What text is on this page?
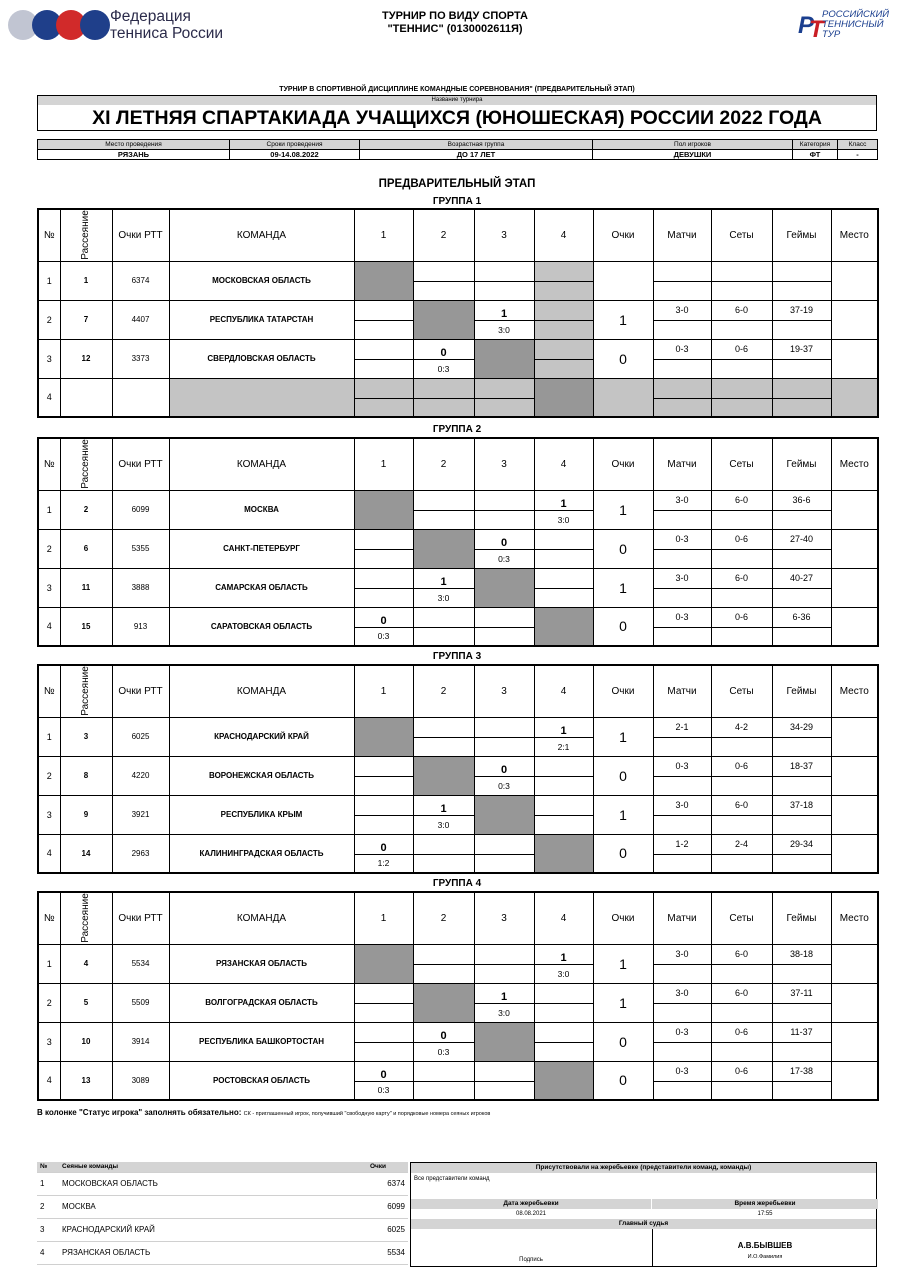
Федерация
тенниса России
ТУРНИР ПО ВИДУ СПОРТА
"ТЕННИС" (0130002611Я)	Р
Т
РОССИЙСКИЙ
ТЕННИСНЫЙ
ТУР
ТУРНИР В СПОРТИВНОЙ ДИСЦИПЛИНЕ КОМАНДНЫЕ СОРЕВНОВАНИЯ" (ПРЕДВАРИТЕЛЬНЫЙ ЭТАП)
Название турнира
XI ЛЕТНЯЯ СПАРТАКИАДА УЧАЩИХСЯ (ЮНОШЕСКАЯ) РОССИИ 2022 ГОДА
Место проведения	Сроки проведения	Возрастная группа	Пол игроков	Категория	Класс
РЯЗАНЬ	09-14.08.2022	ДО 17 ЛЕТ	ДЕВУШКИ	ФТ	-
ПРЕДВАРИТЕЛЬНЫЙ ЭТАП
ГРУППА 1
№	Рассеяние	Очки РТТ	КОМАНДА	1	2	3	4	Очки	Матчи	Сеты	Геймы	Место
1	1	6374	МОСКОВСКАЯ ОБЛАСТЬ									

2	7	4407	РЕСПУБЛИКА ТАТАРСТАН			1		1	3-0	6-0	37-19	
						3:0						
3	12	3373	СВЕРДЛОВСКАЯ ОБЛАСТЬ		0			0	0-3	0-6	19-37	
					0:3							
4												

ГРУППА 2
№	Рассеяние	Очки РТТ	КОМАНДА	1	2	3	4	Очки	Матчи	Сеты	Геймы	Место
1	2	6099	МОСКВА				1	1	3-0	6-0	36-6	
							3:0					
2	6	5355	САНКТ-ПЕТЕРБУРГ			0		0	0-3	0-6	27-40	
						0:3						
3	11	3888	САМАРСКАЯ ОБЛАСТЬ		1			1	3-0	6-0	40-27	
					3:0							
4	15	913	САРАТОВСКАЯ ОБЛАСТЬ	0				0	0-3	0-6	6-36	
				0:3								
ГРУППА 3
№	Рассеяние	Очки РТТ	КОМАНДА	1	2	3	4	Очки	Матчи	Сеты	Геймы	Место
1	3	6025	КРАСНОДАРСКИЙ КРАЙ				1	1	2-1	4-2	34-29	
							2:1					
2	8	4220	ВОРОНЕЖСКАЯ ОБЛАСТЬ			0		0	0-3	0-6	18-37	
						0:3						
3	9	3921	РЕСПУБЛИКА КРЫМ		1			1	3-0	6-0	37-18	
					3:0							
4	14	2963	КАЛИНИНГРАДСКАЯ ОБЛАСТЬ	0				0	1-2	2-4	29-34	
				1:2								
ГРУППА 4
№	Рассеяние	Очки РТТ	КОМАНДА	1	2	3	4	Очки	Матчи	Сеты	Геймы	Место
1	4	5534	РЯЗАНСКАЯ ОБЛАСТЬ				1	1	3-0	6-0	38-18	
							3:0					
2	5	5509	ВОЛГОГРАДСКАЯ ОБЛАСТЬ			1		1	3-0	6-0	37-11	
						3:0						
3	10	3914	РЕСПУБЛИКА БАШКОРТОСТАН		0			0	0-3	0-6	11-37	
					0:3							
4	13	3089	РОСТОВСКАЯ ОБЛАСТЬ	0				0	0-3	0-6	17-38	
				0:3								
В колонке "Статус игрока" заполнять обязательно: СК - приглашенный игрок, получивший "свободную карту" и порядковые номера сеяных игроков
№	Сеяные команды	Очки
1	МОСКОВСКАЯ ОБЛАСТЬ	6374
2	МОСКВА	6099
3	КРАСНОДАРСКИЙ КРАЙ	6025
4	РЯЗАНСКАЯ ОБЛАСТЬ	5534
Присутствовали на жеребьевке (представители команд, команды)
Все представители команд
Дата жеребьевки	Время жеребьевки
08.08.2021	17:55
Главный судья
Подпись
А.В.БЫВШЕВ
И.О.Фамилия
